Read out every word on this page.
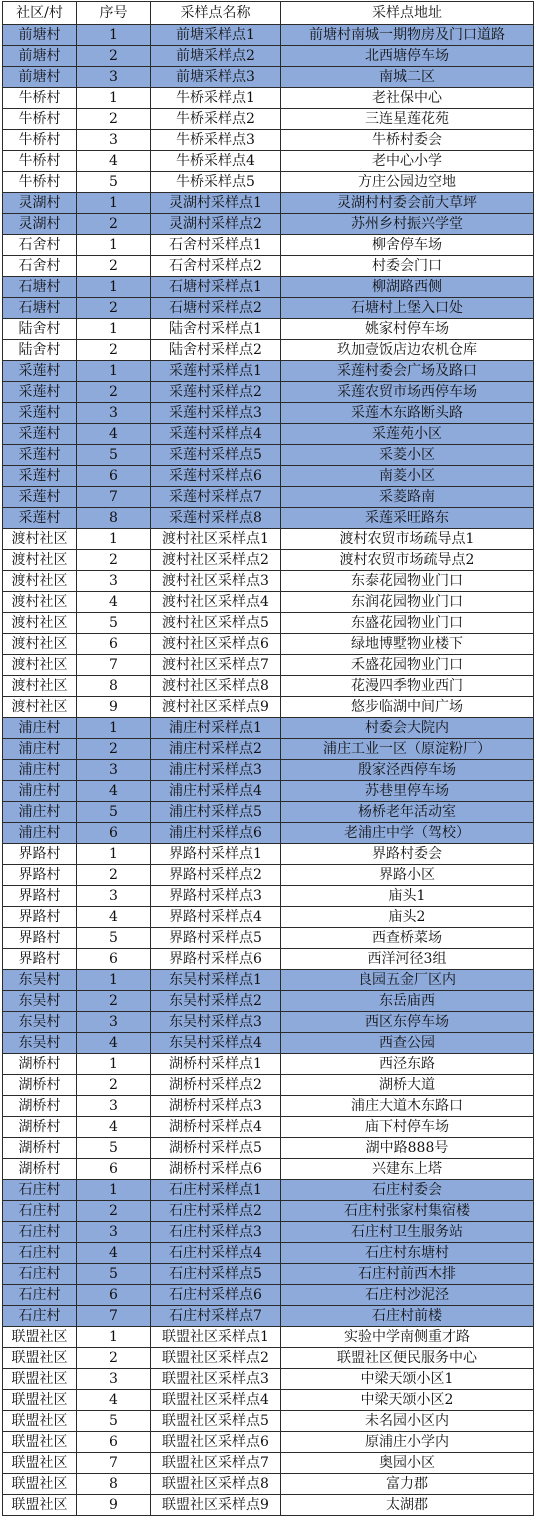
社区/村	序号	采样点名称	采样点地址
前塘村	1	前塘采样点1	前塘村南城一期物房及门口道路
前塘村	2	前塘采样点2	北西塘停车场
前塘村	3	前塘采样点3	南城二区
牛桥村	1	牛桥采样点1	老社保中心
牛桥村	2	牛桥采样点2	三连星莲花苑
牛桥村	3	牛桥采样点3	牛桥村委会
牛桥村	4	牛桥采样点4	老中心小学
牛桥村	5	牛桥采样点5	方庄公园边空地
灵湖村	1	灵湖村采样点1	灵湖村村委会前大草坪
灵湖村	2	灵湖村采样点2	苏州乡村振兴学堂
石舍村	1	石舍村采样点1	柳舍停车场
石舍村	2	石舍村采样点2	村委会门口
石塘村	1	石塘村采样点1	柳湖路西侧
石塘村	2	石塘村采样点2	石塘村上堡入口处
陆舍村	1	陆舍村采样点1	姚家村停车场
陆舍村	2	陆舍村采样点2	玖加壹饭店边农机仓库
采莲村	1	采莲村采样点1	采莲村委会广场及路口
采莲村	2	采莲村采样点2	采莲农贸市场西停车场
采莲村	3	采莲村采样点3	采莲木东路断头路
采莲村	4	采莲村采样点4	采莲苑小区
采莲村	5	采莲村采样点5	采菱小区
采莲村	6	采莲村采样点6	南菱小区
采莲村	7	采莲村采样点7	采菱路南
采莲村	8	采莲村采样点8	采莲采旺路东
渡村社区	1	渡村社区采样点1	渡村农贸市场疏导点1
渡村社区	2	渡村社区采样点2	渡村农贸市场疏导点2
渡村社区	3	渡村社区采样点3	东泰花园物业门口
渡村社区	4	渡村社区采样点4	东润花园物业门口
渡村社区	5	渡村社区采样点5	东盛花园物业门口
渡村社区	6	渡村社区采样点6	绿地博墅物业楼下
渡村社区	7	渡村社区采样点7	禾盛花园物业门口
渡村社区	8	渡村社区采样点8	花漫四季物业西门
渡村社区	9	渡村社区采样点9	悠步临湖中间广场
浦庄村	1	浦庄村采样点1	村委会大院内
浦庄村	2	浦庄村采样点2	浦庄工业一区（原淀粉厂）
浦庄村	3	浦庄村采样点3	殷家泾西停车场
浦庄村	4	浦庄村采样点4	苏巷里停车场
浦庄村	5	浦庄村采样点5	杨桥老年活动室
浦庄村	6	浦庄村采样点6	老浦庄中学（驾校）
界路村	1	界路村采样点1	界路村委会
界路村	2	界路村采样点2	界路小区
界路村	3	界路村采样点3	庙头1
界路村	4	界路村采样点4	庙头2
界路村	5	界路村采样点5	西查桥菜场
界路村	6	界路村采样点6	西洋河径3组
东吴村	1	东吴村采样点1	良园五金厂区内
东吴村	2	东吴村采样点2	东岳庙西
东吴村	3	东吴村采样点3	西区东停车场
东吴村	4	东吴村采样点4	西查公园
湖桥村	1	湖桥村采样点1	西泾东路
湖桥村	2	湖桥村采样点2	湖桥大道
湖桥村	3	湖桥村采样点3	浦庄大道木东路口
湖桥村	4	湖桥村采样点4	庙下村停车场
湖桥村	5	湖桥村采样点5	湖中路888号
湖桥村	6	湖桥村采样点6	兴建东上塔
石庄村	1	石庄村采样点1	石庄村委会
石庄村	2	石庄村采样点2	石庄村张家村集宿楼
石庄村	3	石庄村采样点3	石庄村卫生服务站
石庄村	4	石庄村采样点4	石庄村东塘村
石庄村	5	石庄村采样点5	石庄村前西木排
石庄村	6	石庄村采样点6	石庄村沙泥泾
石庄村	7	石庄村采样点7	石庄村前楼
联盟社区	1	联盟社区采样点1	实验中学南侧重才路
联盟社区	2	联盟社区采样点2	联盟社区便民服务中心
联盟社区	3	联盟社区采样点3	中梁天颂小区1
联盟社区	4	联盟社区采样点4	中梁天颂小区2
联盟社区	5	联盟社区采样点5	未名园小区内
联盟社区	6	联盟社区采样点6	原浦庄小学内
联盟社区	7	联盟社区采样点7	奥园小区
联盟社区	8	联盟社区采样点8	富力郡
联盟社区	9	联盟社区采样点9	太湖郡
